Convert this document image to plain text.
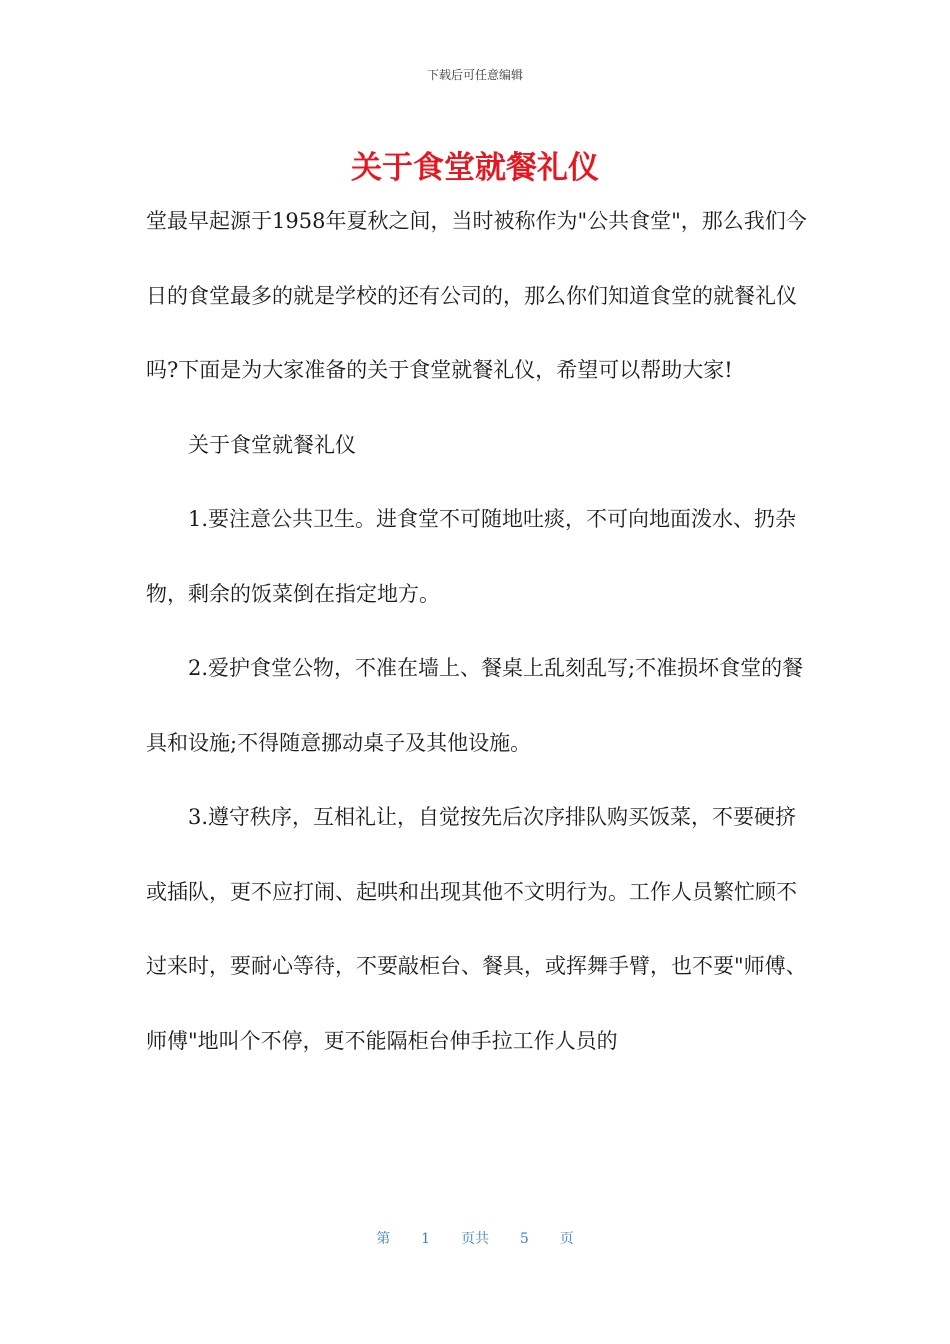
下载后可任意编辑
关于食堂就餐礼仪

堂最早起源于1958年夏秋之间，当时被称作为"公共食堂"，那么我们今日的食堂最多的就是学校的还有公司的，那么你们知道食堂的就餐礼仪吗?下面是为大家准备的关于食堂就餐礼仪，希望可以帮助大家!

关于食堂就餐礼仪

1.要注意公共卫生。进食堂不可随地吐痰，不可向地面泼水、扔杂物，剩余的饭菜倒在指定地方。

2.爱护食堂公物，不准在墙上、餐桌上乱刻乱写;不准损坏食堂的餐具和设施;不得随意挪动桌子及其他设施。

3.遵守秩序，互相礼让，自觉按先后次序排队购买饭菜，不要硬挤或插队，更不应打闹、起哄和出现其他不文明行为。工作人员繁忙顾不过来时，要耐心等待，不要敲柜台、餐具，或挥舞手臂，也不要"师傅、师傅"地叫个不停，更不能隔柜台伸手拉工作人员的

第 1 页共 5 页
